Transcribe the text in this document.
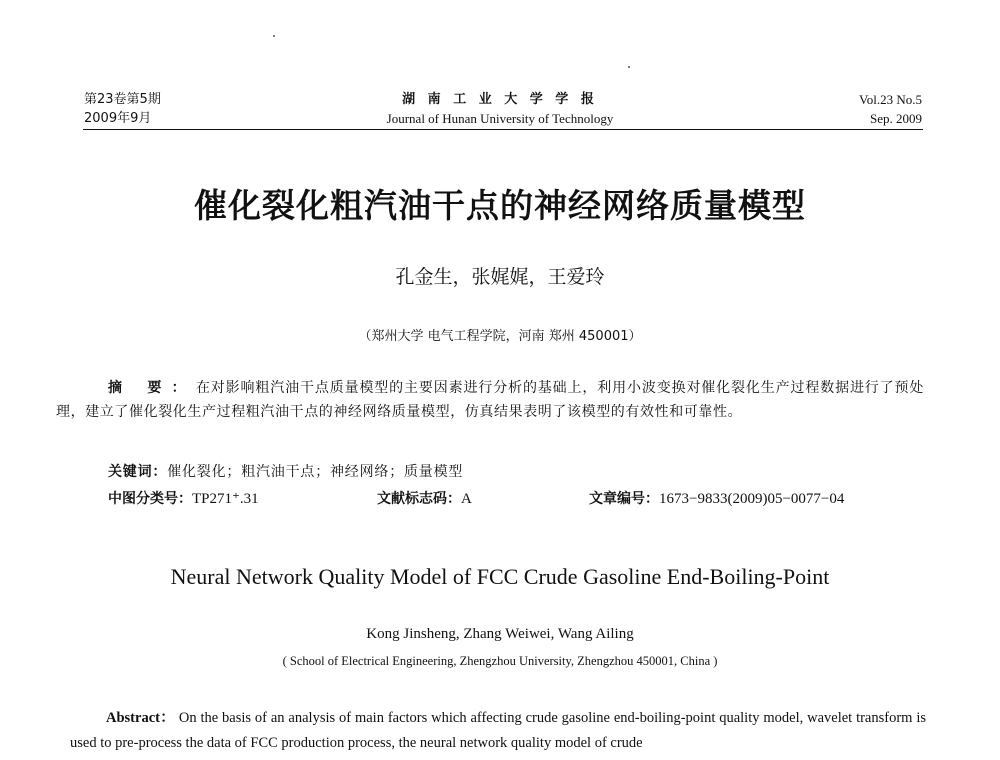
第23卷第5期
2009年9月
湖 南 工 业 大 学 学 报
Journal of Hunan University of Technology
Vol.23 No.5
Sep. 2009
催化裂化粗汽油干点的神经网络质量模型
孔金生，张娓娓，王爱玲
（郑州大学 电气工程学院，河南 郑州 450001）
摘 要：在对影响粗汽油干点质量模型的主要因素进行分析的基础上，利用小波变换对催化裂化生产过程数据进行了预处理，建立了催化裂化生产过程粗汽油干点的神经网络质量模型，仿真结果表明了该模型的有效性和可靠性。
关键词：催化裂化；粗汽油干点；神经网络；质量模型
中图分类号：TP271⁺.31	文献标志码：A	文章编号：1673−9833(2009)05−0077−04
Neural Network Quality Model of FCC Crude Gasoline End-Boiling-Point
Kong Jinsheng, Zhang Weiwei, Wang Ailing
( School of Electrical Engineering, Zhengzhou University, Zhengzhou 450001, China )
Abstract： On the basis of an analysis of main factors which affecting crude gasoline end-boiling-point quality model, wavelet transform is used to pre-process the data of FCC production process, the neural network quality model of crude
